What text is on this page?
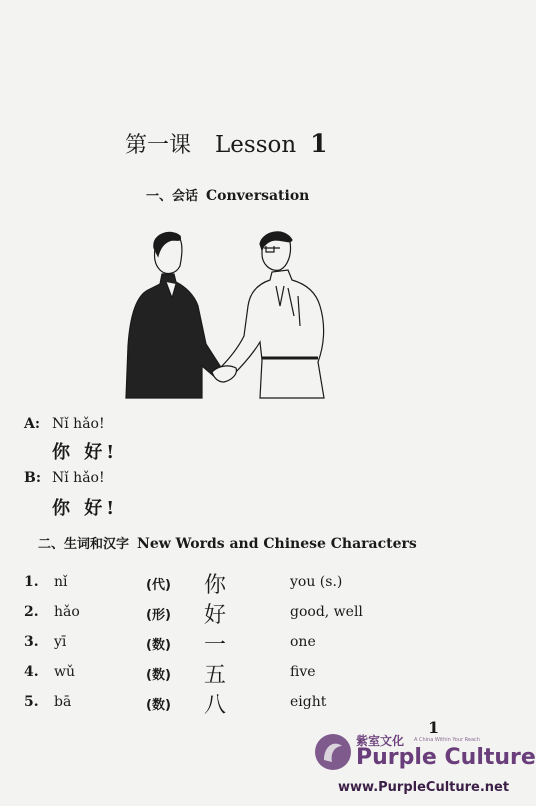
第一课 Lesson 1
一、会话 Conversation
A: Nǐ hǎo!
你 好!
B: Nǐ hǎo!
你 好!
二、生词和汉字 New Words and Chinese Characters
1. nǐ	(代) 你	you (s.)
2. hǎo	(形) 好	good, well
3. yī	(数) 一	one
4. wǔ	(数) 五	five
5. bā	(数) 八	eight
1
紫室文化 A China Within Your Reach
Purple Culture
www.PurpleCulture.net
